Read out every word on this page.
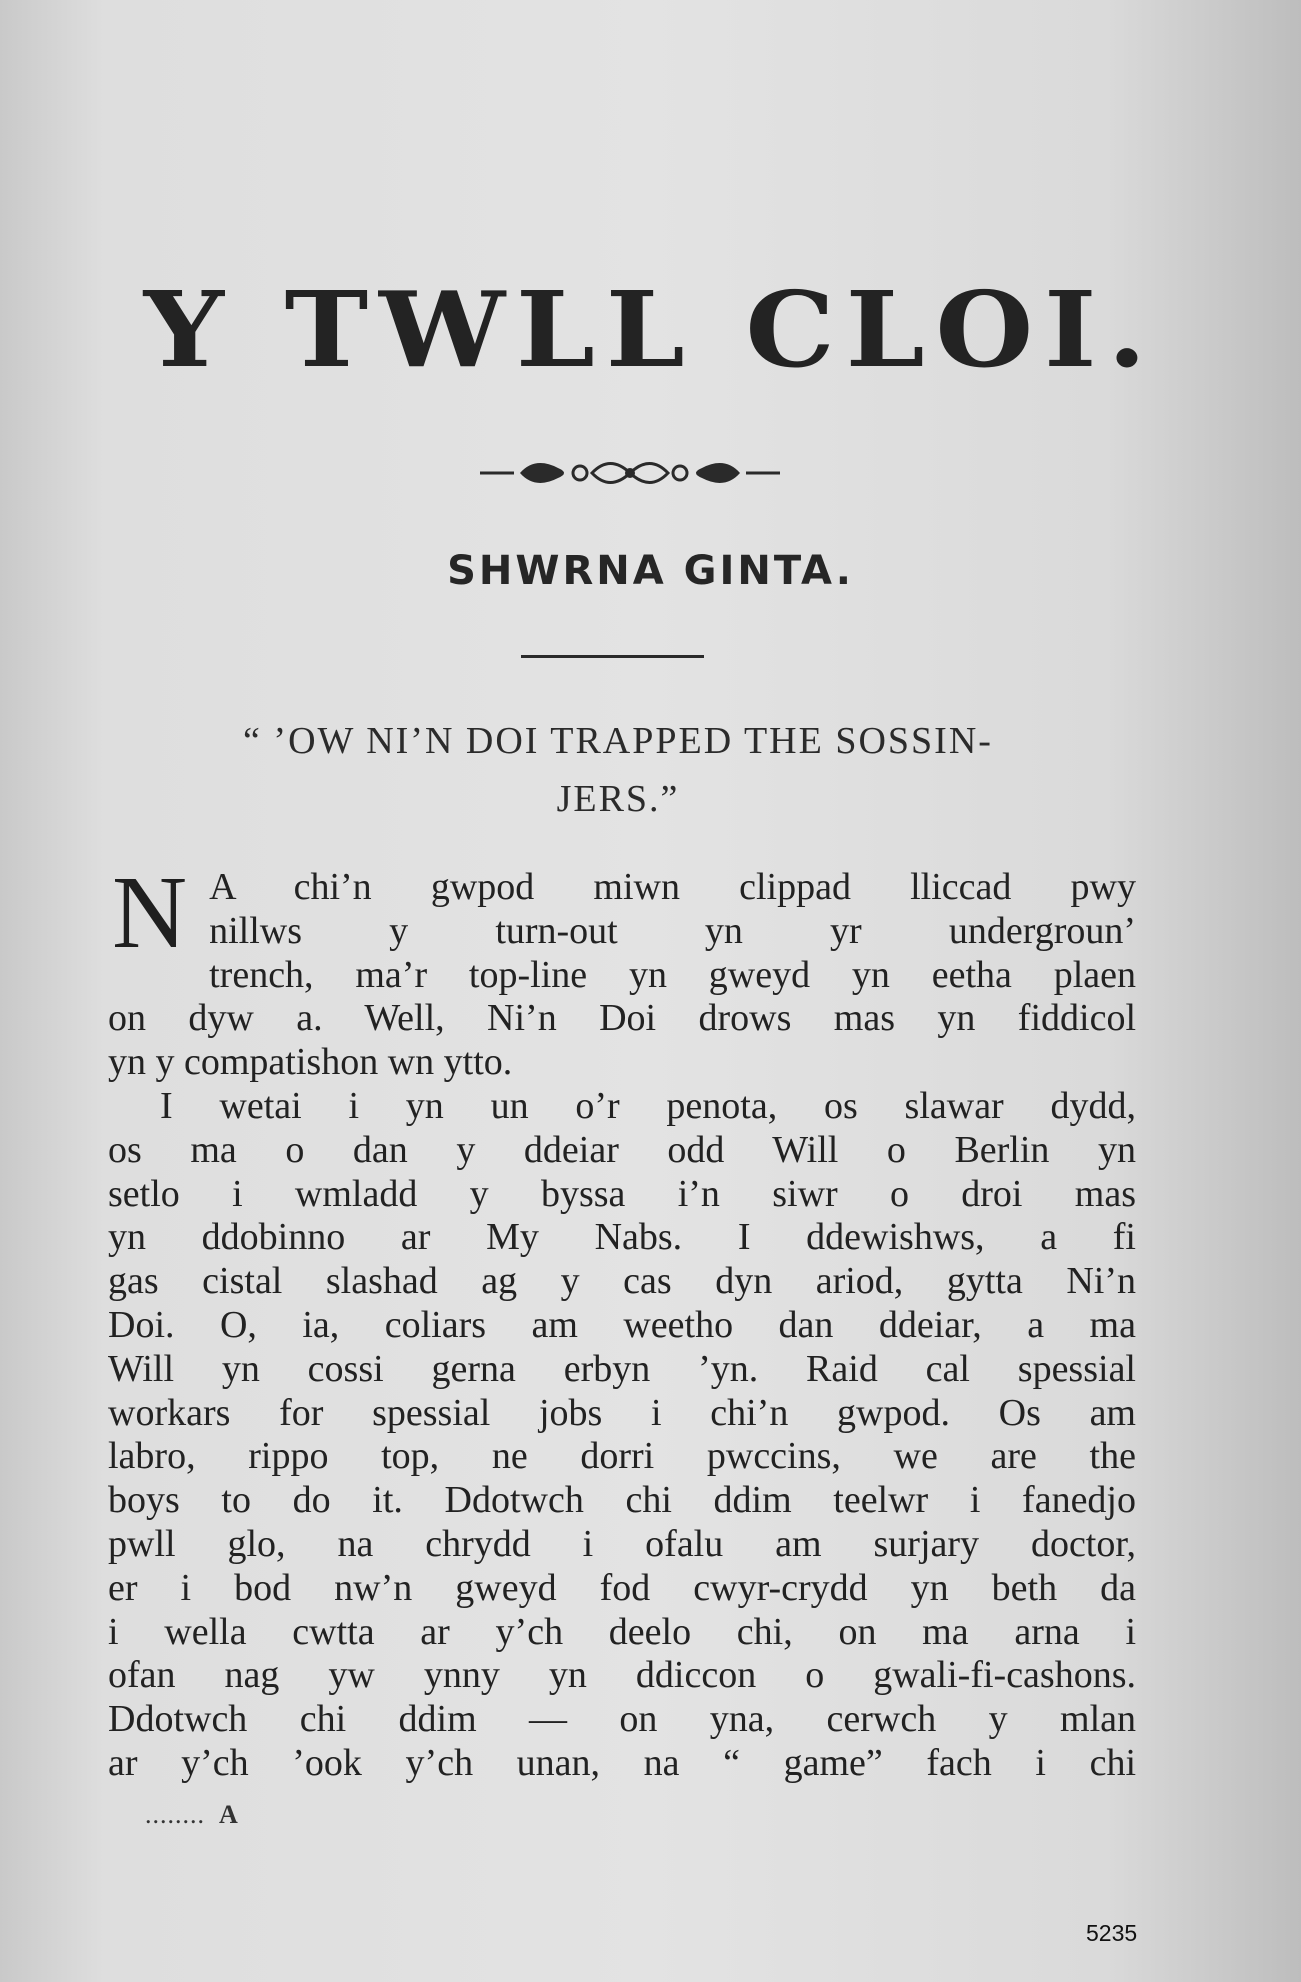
Y TWLL CLOI.
SHWRNA GINTA.
“ ’OW NI’N DOI TRAPPED THE SOSSIN-
JERS.”
N A chi’n gwpod miwn clippad lliccad pwy
nillws y turn-out yn yr undergroun’
trench, ma’r top-line yn gweyd yn eetha plaen
on dyw a. Well, Ni’n Doi drows mas yn fiddicol
yn y compatishon wn ytto.
I wetai i yn un o’r penota, os slawar dydd,
os ma o dan y ddeiar odd Will o Berlin yn
setlo i wmladd y byssa i’n siwr o droi mas
yn ddobinno ar My Nabs. I ddewishws, a fi
gas cistal slashad ag y cas dyn ariod, gytta Ni’n
Doi. O, ia, coliars am weetho dan ddeiar, a ma
Will yn cossi gerna erbyn ’yn. Raid cal spessial
workars for spessial jobs i chi’n gwpod. Os am
labro, rippo top, ne dorri pwccins, we are the
boys to do it. Ddotwch chi ddim teelwr i fanedjo
pwll glo, na chrydd i ofalu am surjary doctor,
er i bod nw’n gweyd fod cwyr-crydd yn beth da
i wella cwtta ar y’ch deelo chi, on ma arna i
ofan nag yw ynny yn ddiccon o gwali-fi-cashons.
Ddotwch chi ddim — on yna, cerwch y mlan
ar y’ch ’ook y’ch unan, na “ game” fach i chi
........ A
5235
